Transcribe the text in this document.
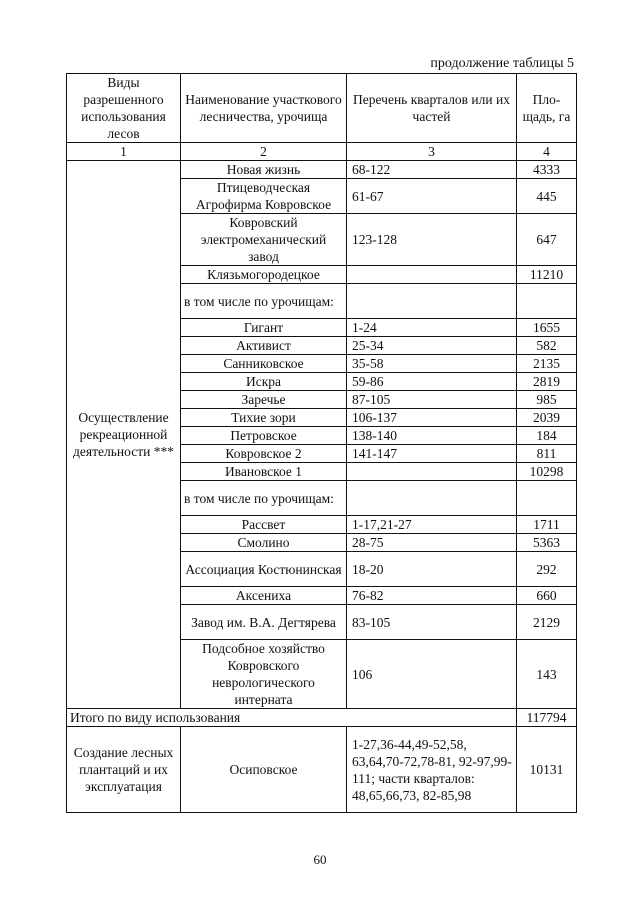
продолжение таблицы 5
Виды разрешенного использования лесов	Наименование участкового лесничества, урочища	Перечень кварталов или их частей	Пло-щадь, га
1	2	3	4
Осуществление рекреационной деятельности ***	Новая жизнь	68-122	4333
	Птицеводческая Агрофирма Ковровское	61-67	445
	Ковровский электромеханический завод	123-128	647
	Клязьмогородецкое		11210
	в том числе по урочищам:		
	Гигант	1-24	1655
	Активист	25-34	582
	Санниковское	35-58	2135
	Искра	59-86	2819
	Заречье	87-105	985
	Тихие зори	106-137	2039
	Петровское	138-140	184
	Ковровское 2	141-147	811
	Ивановское 1		10298
	в том числе по урочищам:		
	Рассвет	1-17,21-27	1711
	Смолино	28-75	5363
	Ассоциация Костюнинская	18-20	292
	Аксениха	76-82	660
	Завод им. В.А. Дегтярева	83-105	2129
	Подсобное хозяйство Ковровского неврологического интерната	106	143
Итого по виду использования			117794
Создание лесных плантаций и их эксплуатация	Осиповское	1-27,36-44,49-52,58, 63,64,70-72,78-81, 92-97,99-111; части кварталов: 48,65,66,73, 82-85,98	10131
60
